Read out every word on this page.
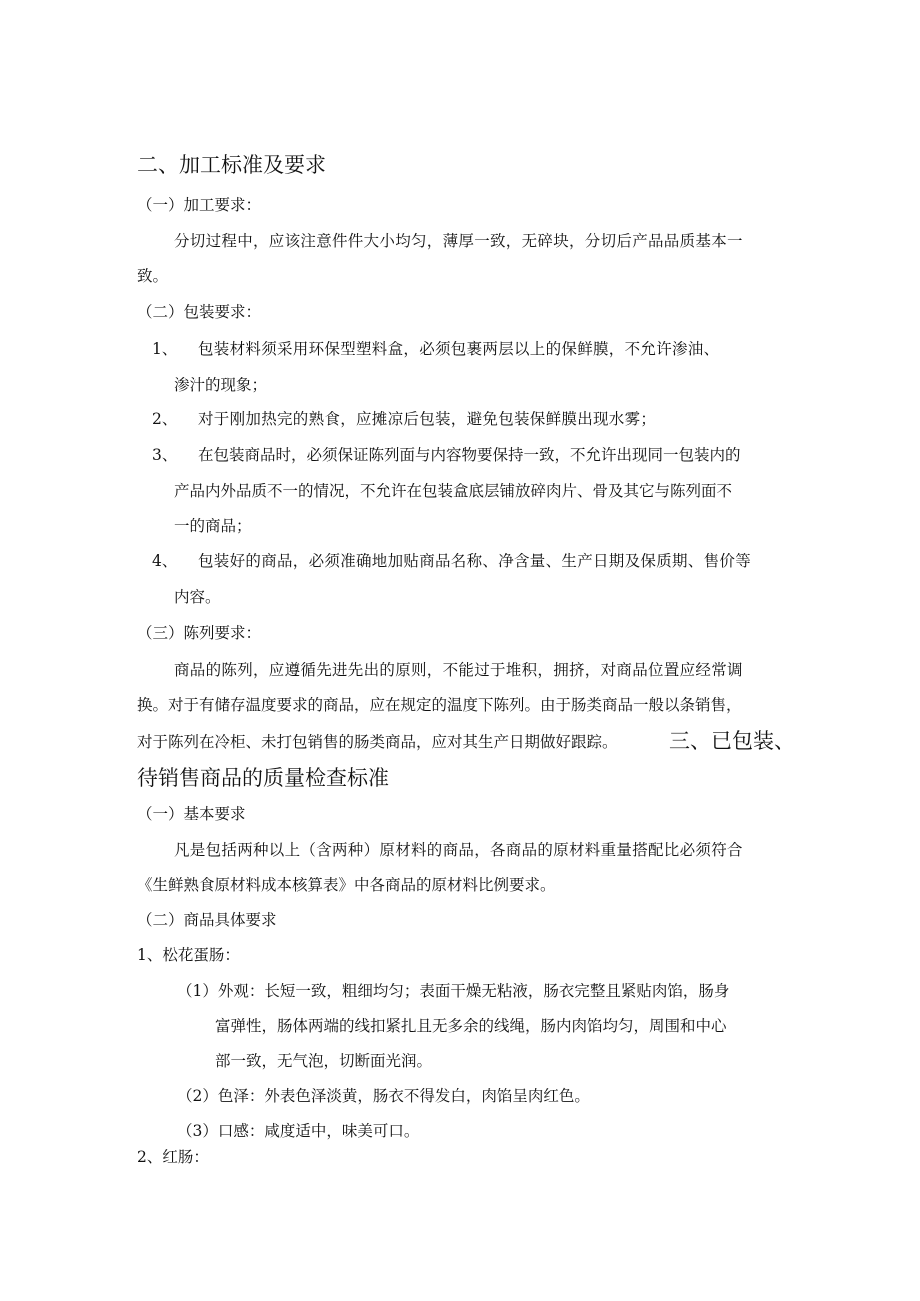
二、加工标准及要求
（一）加工要求：
分切过程中，应该注意件件大小均匀，薄厚一致，无碎块，分切后产品品质基本一
致。
（二）包装要求：
1、 包装材料须采用环保型塑料盒，必须包裹两层以上的保鲜膜，不允许渗油、
渗汁的现象；
2、 对于刚加热完的熟食，应摊凉后包装，避免包装保鲜膜出现水雾；
3、 在包装商品时，必须保证陈列面与内容物要保持一致，不允许出现同一包装内的
产品内外品质不一的情况，不允许在包装盒底层铺放碎肉片、骨及其它与陈列面不
一的商品；
4、 包装好的商品，必须准确地加贴商品名称、净含量、生产日期及保质期、售价等
内容。
（三）陈列要求：
商品的陈列，应遵循先进先出的原则，不能过于堆积，拥挤，对商品位置应经常调
换。对于有储存温度要求的商品，应在规定的温度下陈列。由于肠类商品一般以条销售，
对于陈列在冷柜、未打包销售的肠类商品，应对其生产日期做好跟踪。 三、已包装、
待销售商品的质量检查标准
（一）基本要求
凡是包括两种以上（含两种）原材料的商品，各商品的原材料重量搭配比必须符合
《生鲜熟食原材料成本核算表》中各商品的原材料比例要求。
（二）商品具体要求
1、松花蛋肠：
（1）外观：长短一致，粗细均匀；表面干燥无粘液，肠衣完整且紧贴肉馅，肠身
富弹性，肠体两端的线扣紧扎且无多余的线绳，肠内肉馅均匀，周围和中心
部一致，无气泡，切断面光润。
（2）色泽：外表色泽淡黄，肠衣不得发白，肉馅呈肉红色。
（3）口感：咸度适中，味美可口。
2、红肠：
